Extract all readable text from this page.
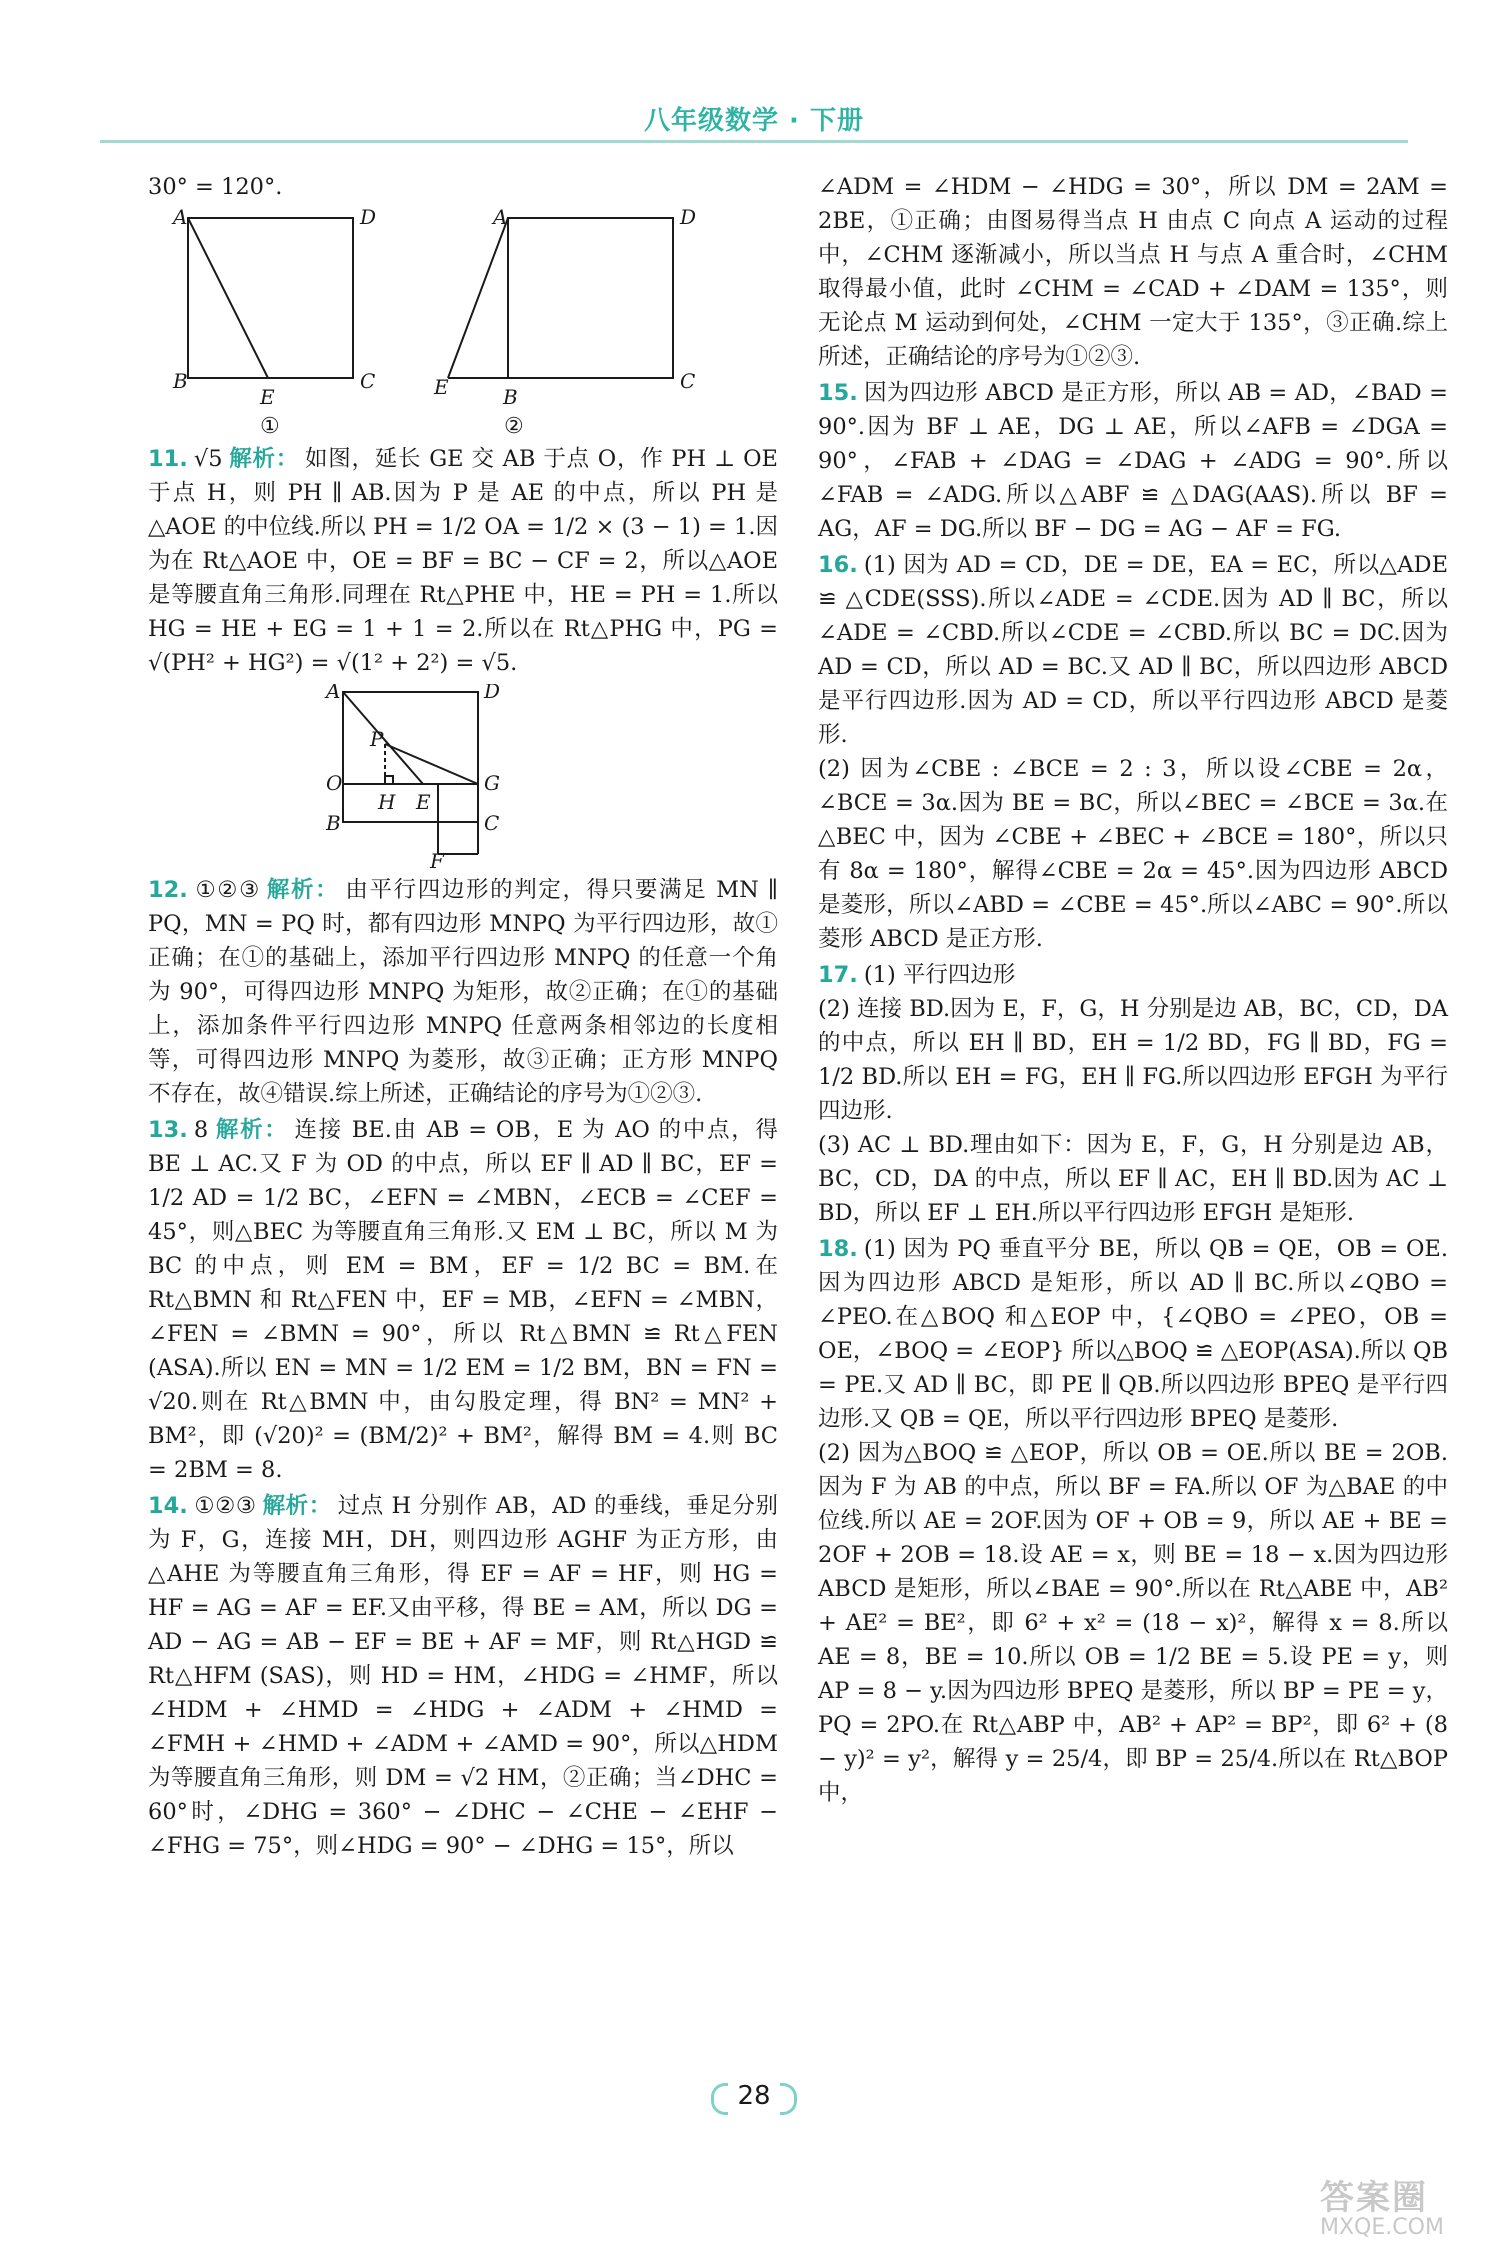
八年级数学 · 下册
30° = 120°.
A	D
B
E
C
①
A	D
E	B
C
②
11. √5 解析： 如图，延长 GE 交 AB 于点 O，作 PH ⊥ OE 于点 H，则 PH ∥ AB.因为 P 是 AE 的中点，所以 PH 是△AOE 的中位线.所以 PH = 1/2 OA = 1/2 × (3 − 1) = 1.因为在 Rt△AOE 中，OE = BF = BC − CF = 2，所以△AOE 是等腰直角三角形.同理在 Rt△PHE 中，HE = PH = 1.所以 HG = HE + EG = 1 + 1 = 2.所以在 Rt△PHG 中，PG = √(PH² + HG²) = √(1² + 2²) = √5.
A	D
P
O	G
B
H E
C
F
12. ①②③ 解析： 由平行四边形的判定，得只要满足 MN ∥ PQ，MN = PQ 时，都有四边形 MNPQ 为平行四边形，故①正确；在①的基础上，添加平行四边形 MNPQ 的任意一个角为 90°，可得四边形 MNPQ 为矩形，故②正确；在①的基础上，添加条件平行四边形 MNPQ 任意两条相邻边的长度相等，可得四边形 MNPQ 为菱形，故③正确；正方形 MNPQ 不存在，故④错误.综上所述，正确结论的序号为①②③.
13. 8 解析： 连接 BE.由 AB = OB，E 为 AO 的中点，得 BE ⊥ AC.又 F 为 OD 的中点，所以 EF ∥ AD ∥ BC，EF = 1/2 AD = 1/2 BC，∠EFN = ∠MBN，∠ECB = ∠CEF = 45°，则△BEC 为等腰直角三角形.又 EM ⊥ BC，所以 M 为 BC 的中点，则 EM = BM，EF = 1/2 BC = BM.在 Rt△BMN 和 Rt△FEN 中，EF = MB，∠EFN = ∠MBN，∠FEN = ∠BMN = 90°，所以 Rt△BMN ≌ Rt△FEN (ASA).所以 EN = MN = 1/2 EM = 1/2 BM，BN = FN = √20.则在 Rt△BMN 中，由勾股定理，得 BN² = MN² + BM²，即 (√20)² = (BM/2)² + BM²，解得 BM = 4.则 BC = 2BM = 8.
14. ①②③ 解析： 过点 H 分别作 AB，AD 的垂线，垂足分别为 F，G，连接 MH，DH，则四边形 AGHF 为正方形，由△AHE 为等腰直角三角形，得 EF = AF = HF，则 HG = HF = AG = AF = EF.又由平移，得 BE = AM，所以 DG = AD − AG = AB − EF = BE + AF = MF，则 Rt△HGD ≌ Rt△HFM (SAS)，则 HD = HM，∠HDG = ∠HMF，所以 ∠HDM + ∠HMD = ∠HDG + ∠ADM + ∠HMD = ∠FMH + ∠HMD + ∠ADM + ∠AMD = 90°，所以△HDM 为等腰直角三角形，则 DM = √2 HM，②正确；当∠DHC = 60°时，∠DHG = 360° − ∠DHC − ∠CHE − ∠EHF − ∠FHG = 75°，则∠HDG = 90° − ∠DHG = 15°，所以
∠ADM = ∠HDM − ∠HDG = 30°，所以 DM = 2AM = 2BE，①正确；由图易得当点 H 由点 C 向点 A 运动的过程中，∠CHM 逐渐减小，所以当点 H 与点 A 重合时，∠CHM 取得最小值，此时 ∠CHM = ∠CAD + ∠DAM = 135°，则无论点 M 运动到何处，∠CHM 一定大于 135°，③正确.综上所述，正确结论的序号为①②③.
15. 因为四边形 ABCD 是正方形，所以 AB = AD，∠BAD = 90°.因为 BF ⊥ AE，DG ⊥ AE，所以∠AFB = ∠DGA = 90°，∠FAB + ∠DAG = ∠DAG + ∠ADG = 90°.所以∠FAB = ∠ADG.所以△ABF ≌ △DAG(AAS).所以 BF = AG，AF = DG.所以 BF − DG = AG − AF = FG.
16. (1) 因为 AD = CD，DE = DE，EA = EC，所以△ADE ≌ △CDE(SSS).所以∠ADE = ∠CDE.因为 AD ∥ BC，所以∠ADE = ∠CBD.所以∠CDE = ∠CBD.所以 BC = DC.因为 AD = CD，所以 AD = BC.又 AD ∥ BC，所以四边形 ABCD 是平行四边形.因为 AD = CD，所以平行四边形 ABCD 是菱形.
(2) 因为∠CBE : ∠BCE = 2 : 3，所以设∠CBE = 2α，∠BCE = 3α.因为 BE = BC，所以∠BEC = ∠BCE = 3α.在△BEC 中，因为 ∠CBE + ∠BEC + ∠BCE = 180°，所以只有 8α = 180°，解得∠CBE = 2α = 45°.因为四边形 ABCD 是菱形，所以∠ABD = ∠CBE = 45°.所以∠ABC = 90°.所以菱形 ABCD 是正方形.
17. (1) 平行四边形
(2) 连接 BD.因为 E，F，G，H 分别是边 AB，BC，CD，DA 的中点，所以 EH ∥ BD，EH = 1/2 BD，FG ∥ BD，FG = 1/2 BD.所以 EH = FG，EH ∥ FG.所以四边形 EFGH 为平行四边形.
(3) AC ⊥ BD.理由如下：因为 E，F，G，H 分别是边 AB，BC，CD，DA 的中点，所以 EF ∥ AC，EH ∥ BD.因为 AC ⊥ BD，所以 EF ⊥ EH.所以平行四边形 EFGH 是矩形.
18. (1) 因为 PQ 垂直平分 BE，所以 QB = QE，OB = OE.因为四边形 ABCD 是矩形，所以 AD ∥ BC.所以∠QBO = ∠PEO.在△BOQ 和△EOP 中，{∠QBO = ∠PEO，OB = OE，∠BOQ = ∠EOP} 所以△BOQ ≌ △EOP(ASA).所以 QB = PE.又 AD ∥ BC，即 PE ∥ QB.所以四边形 BPEQ 是平行四边形.又 QB = QE，所以平行四边形 BPEQ 是菱形.
(2) 因为△BOQ ≌ △EOP，所以 OB = OE.所以 BE = 2OB.因为 F 为 AB 的中点，所以 BF = FA.所以 OF 为△BAE 的中位线.所以 AE = 2OF.因为 OF + OB = 9，所以 AE + BE = 2OF + 2OB = 18.设 AE = x，则 BE = 18 − x.因为四边形 ABCD 是矩形，所以∠BAE = 90°.所以在 Rt△ABE 中，AB² + AE² = BE²，即 6² + x² = (18 − x)²，解得 x = 8.所以 AE = 8，BE = 10.所以 OB = 1/2 BE = 5.设 PE = y，则 AP = 8 − y.因为四边形 BPEQ 是菱形，所以 BP = PE = y，PQ = 2PO.在 Rt△ABP 中，AB² + AP² = BP²，即 6² + (8 − y)² = y²，解得 y = 25/4，即 BP = 25/4.所以在 Rt△BOP 中，
28
答案圈
MXQE.COM
